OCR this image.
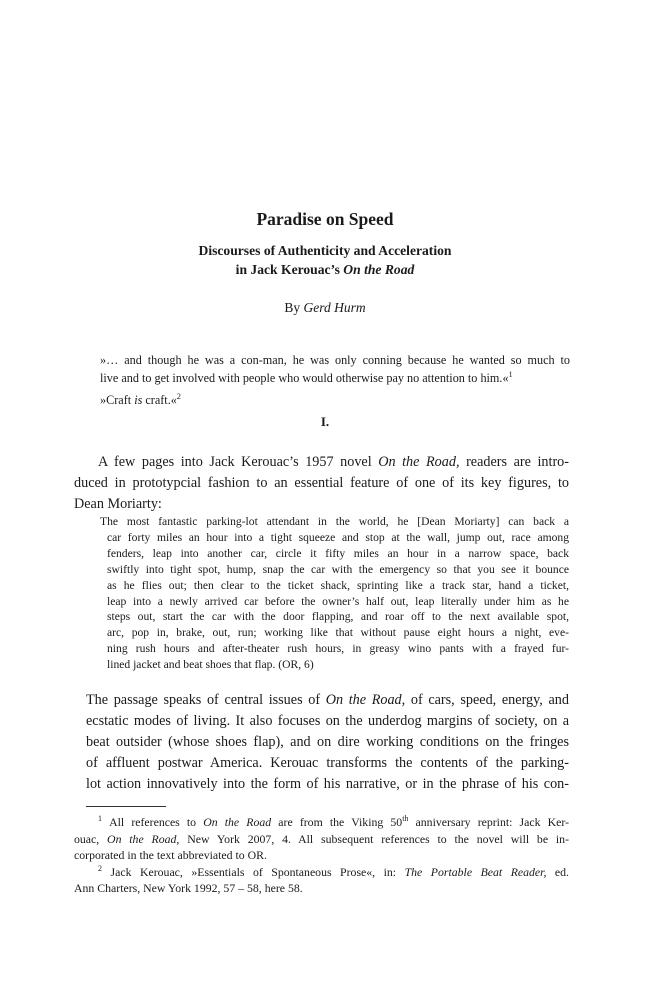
Paradise on Speed
Discourses of Authenticity and Acceleration
in Jack Kerouac’s On the Road
By Gerd Hurm

»… and though he was a con-man, he was only conning because he wanted so much to
live and to get involved with people who would otherwise pay no attention to him.«$^1$

»Craft is craft.«$^2$

I.
A few pages into Jack Kerouac’s 1957 novel On the Road, readers are intro-
duced in prototypcial fashion to an essential feature of one of its key figures, to
Dean Moriarty:
The most fantastic parking-lot attendant in the world, he [Dean Moriarty] can back a
car forty miles an hour into a tight squeeze and stop at the wall, jump out, race among
fenders, leap into another car, circle it fifty miles an hour in a narrow space, back
swiftly into tight spot, hump, snap the car with the emergency so that you see it bounce
as he flies out; then clear to the ticket shack, sprinting like a track star, hand a ticket,
leap into a newly arrived car before the owner’s half out, leap literally under him as he
steps out, start the car with the door flapping, and roar off to the next available spot,
arc, pop in, brake, out, run; working like that without pause eight hours a night, eve-
ning rush hours and after-theater rush hours, in greasy wino pants with a frayed fur-
lined jacket and beat shoes that flap. (OR, 6)
The passage speaks of central issues of On the Road, of cars, speed, energy, and
ecstatic modes of living. It also focuses on the underdog margins of society, on a
beat outsider (whose shoes flap), and on dire working conditions on the fringes
of affluent postwar America. Kerouac transforms the contents of the parking-
lot action innovatively into the form of his narrative, or in the phrase of his con-

$^1$ All references to On the Road are from the Viking 50th anniversary reprint: Jack Ker-
ouac, On the Road, New York 2007, 4. All subsequent references to the novel will be in-
corporated in the text abbreviated to OR.

$^2$ Jack Kerouac, »Essentials of Spontaneous Prose«, in: The Portable Beat Reader, ed.
Ann Charters, New York 1992, 57 – 58, here 58.
